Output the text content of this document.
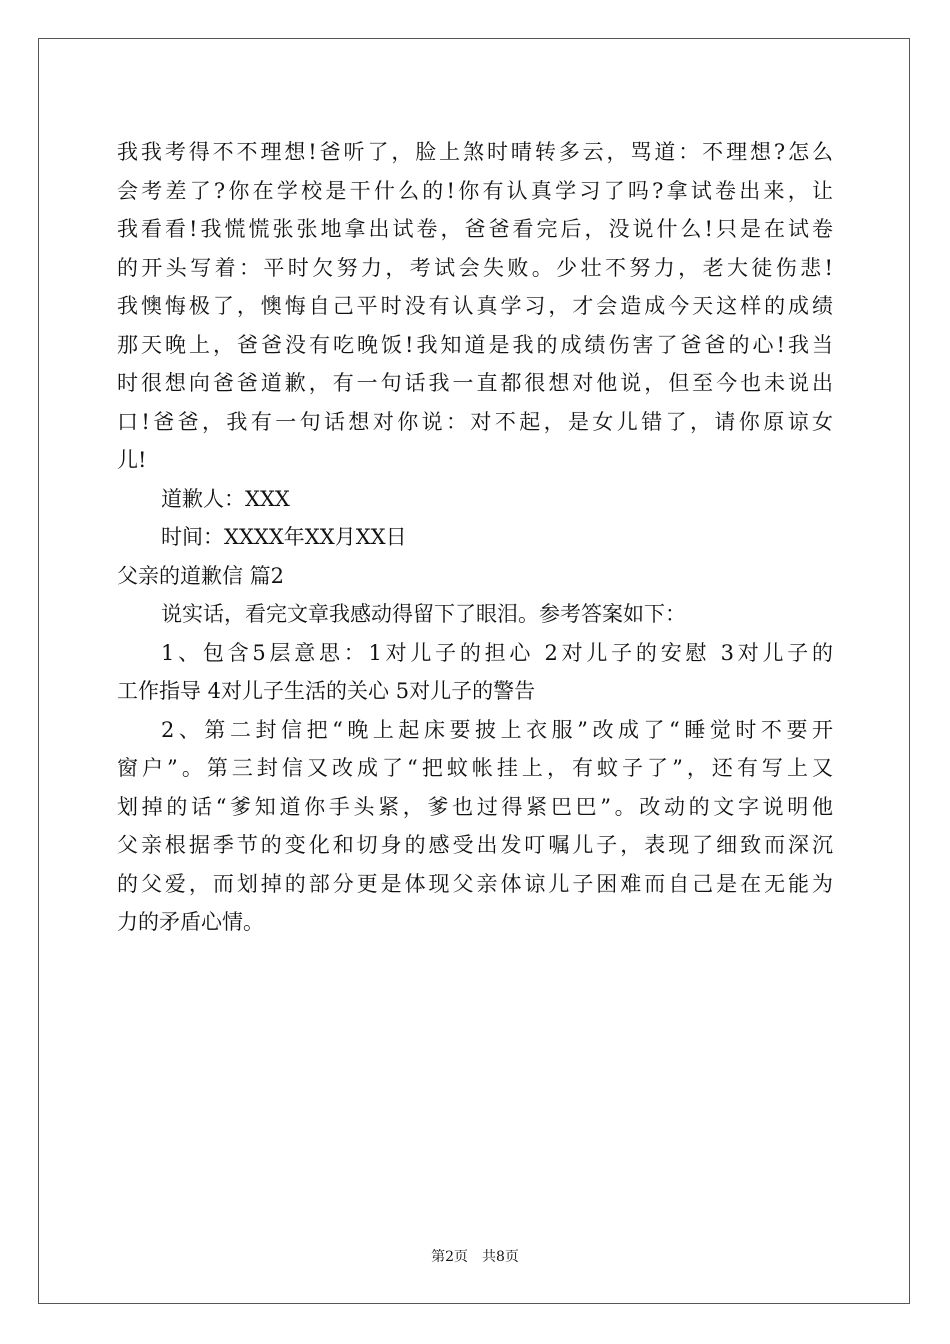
我我考得不不理想!爸听了，脸上煞时晴转多云，骂道：不理想?怎么
会考差了?你在学校是干什么的!你有认真学习了吗?拿试卷出来，让
我看看!我慌慌张张地拿出试卷，爸爸看完后，没说什么!只是在试卷
的开头写着：平时欠努力，考试会失败。少壮不努力，老大徒伤悲!
我懊悔极了，懊悔自己平时没有认真学习，才会造成今天这样的成绩
那天晚上，爸爸没有吃晚饭!我知道是我的成绩伤害了爸爸的心!我当
时很想向爸爸道歉，有一句话我一直都很想对他说，但至今也未说出
口!爸爸，我有一句话想对你说：对不起，是女儿错了，请你原谅女
儿!
道歉人：XXX
时间：XXXX年XX月XX日
父亲的道歉信 篇2
说实话，看完文章我感动得留下了眼泪。参考答案如下：
1、包含5层意思：1对儿子的担心 2对儿子的安慰 3对儿子的
工作指导 4对儿子生活的关心 5对儿子的警告
2、第二封信把“晚上起床要披上衣服”改成了“睡觉时不要开
窗户”。第三封信又改成了“把蚊帐挂上，有蚊子了”，还有写上又
划掉的话“爹知道你手头紧，爹也过得紧巴巴”。改动的文字说明他
父亲根据季节的变化和切身的感受出发叮嘱儿子，表现了细致而深沉
的父爱，而划掉的部分更是体现父亲体谅儿子困难而自己是在无能为
力的矛盾心情。
第2页 共8页
